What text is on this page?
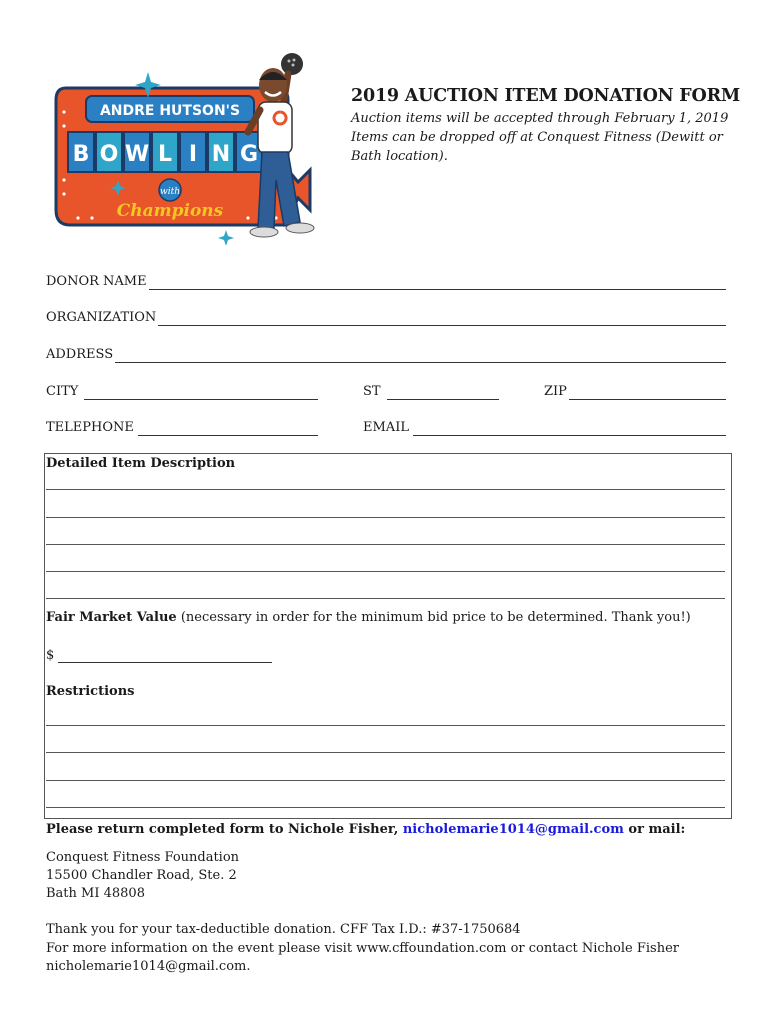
ANDRE HUTSON'S
B O W L I N G
with
Champions
2019 AUCTION ITEM DONATION FORM
Auction items will be accepted through February 1, 2019
Items can be dropped off at Conquest Fitness (Dewitt or
Bath location).
DONOR NAME
ORGANIZATION
ADDRESS
CITY	ST	ZIP
TELEPHONE	EMAIL
Detailed Item Description
Fair Market Value (necessary in order for the minimum bid price to be determined. Thank you!)
$
Restrictions
Please return completed form to Nichole Fisher, nicholemarie1014@gmail.com or mail:
Conquest Fitness Foundation
15500 Chandler Road, Ste. 2
Bath MI 48808
Thank you for your tax-deductible donation. CFF Tax I.D.: #37-1750684
For more information on the event please visit www.cffoundation.com or contact Nichole Fisher
nicholemarie1014@gmail.com.
